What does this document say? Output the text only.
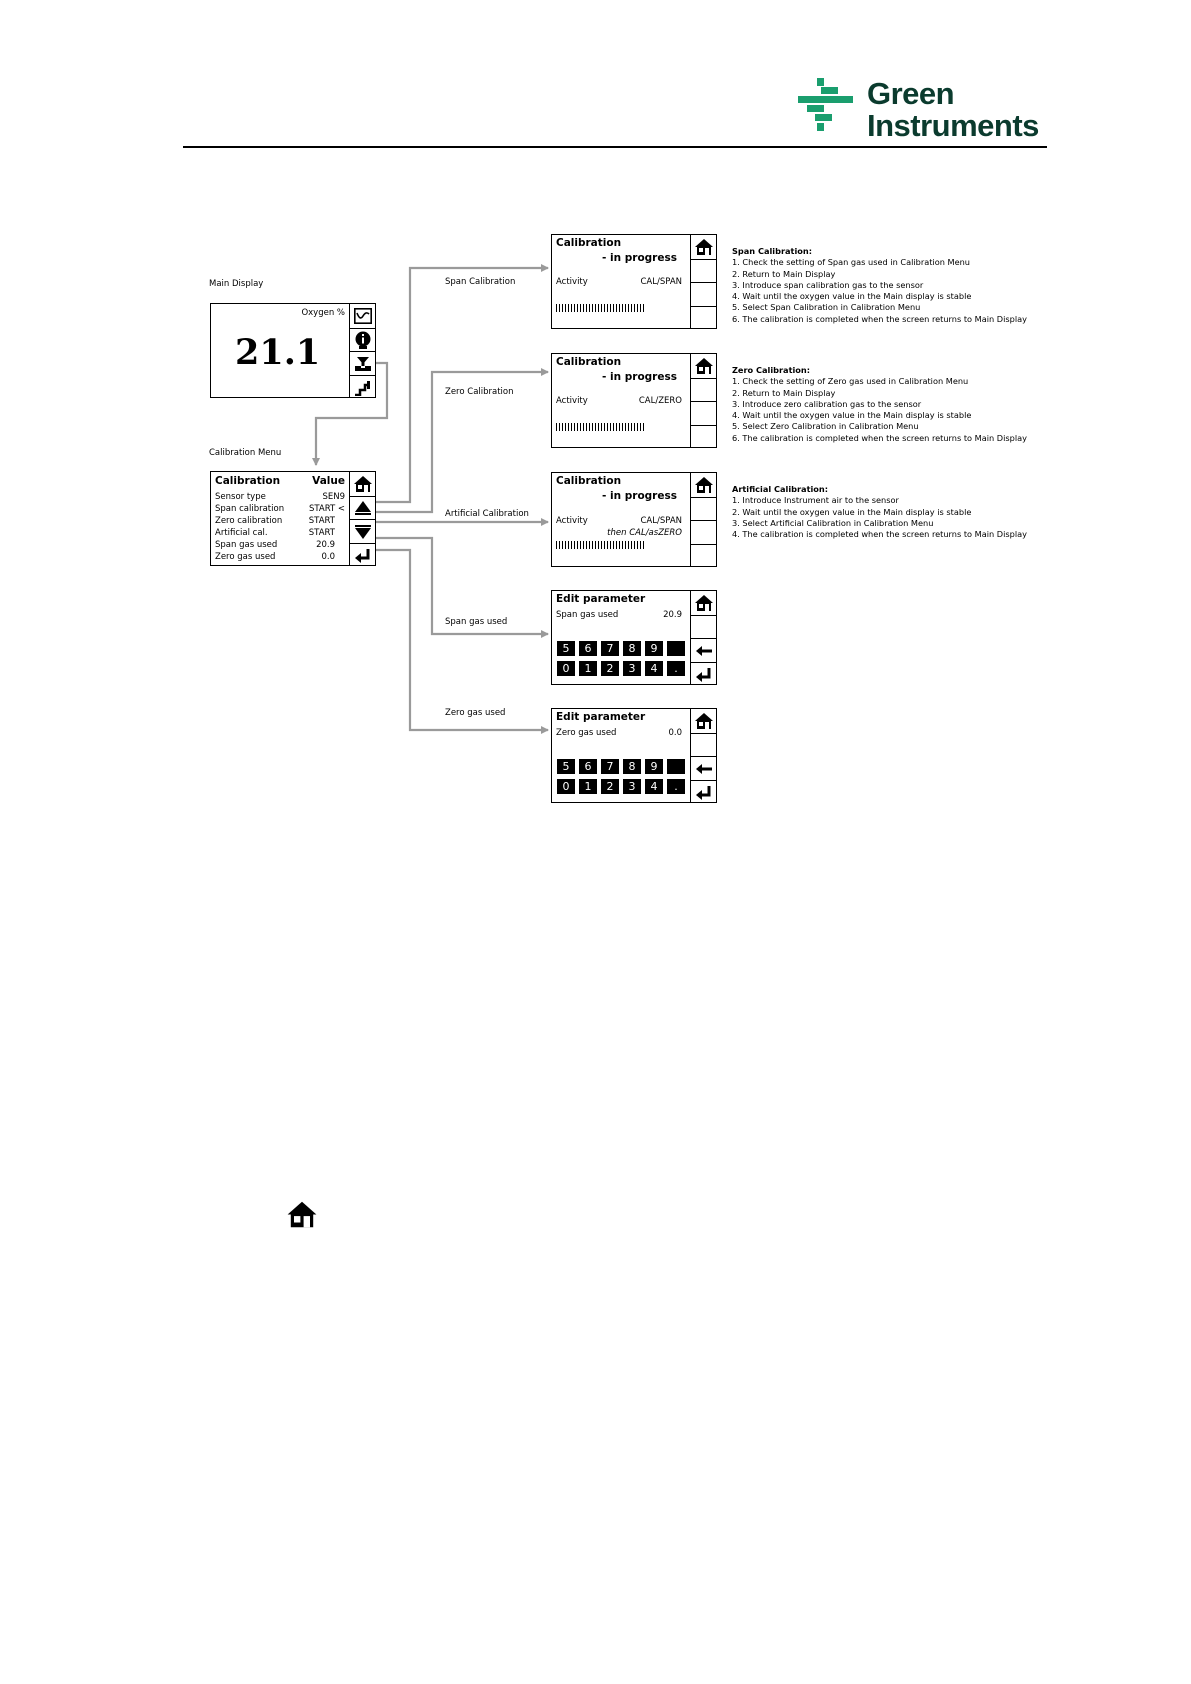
Green
Instruments
Main Display
Calibration Menu
Span Calibration
Zero Calibration
Artificial Calibration
Span gas used
Zero gas used
Oxygen %
21.1
Calibration	Value
Sensor type	SEN9
Span calibration	START <
Zero calibration	START
Artificial cal.	START
Span gas used	20.9
Zero gas used	0.0
Calibration
- in progress
Activity	CAL/SPAN
Calibration
- in progress
Activity	CAL/ZERO
Calibration
- in progress
Activity	CAL/SPAN
then CAL/asZERO
Edit parameter
Span gas used	20.9
5	6	7	8	9
0	1	2	3	4	.
Edit parameter
Zero gas used	0.0
5	6	7	8	9
0	1	2	3	4	.
Span Calibration:
1. Check the setting of Span gas used in Calibration Menu
2. Return to Main Display
3. Introduce span calibration gas to the sensor
4. Wait until the oxygen value in the Main display is stable
5. Select Span Calibration in Calibration Menu
6. The calibration is completed when the screen returns to Main Display
Zero Calibration:
1. Check the setting of Zero gas used in Calibration Menu
2. Return to Main Display
3. Introduce zero calibration gas to the sensor
4. Wait until the oxygen value in the Main display is stable
5. Select Zero Calibration in Calibration Menu
6. The calibration is completed when the screen returns to Main Display
Artificial Calibration:
1. Introduce Instrument air to the sensor
2. Wait until the oxygen value in the Main display is stable
3. Select Artificial Calibration in Calibration Menu
4. The calibration is completed when the screen returns to Main Display
